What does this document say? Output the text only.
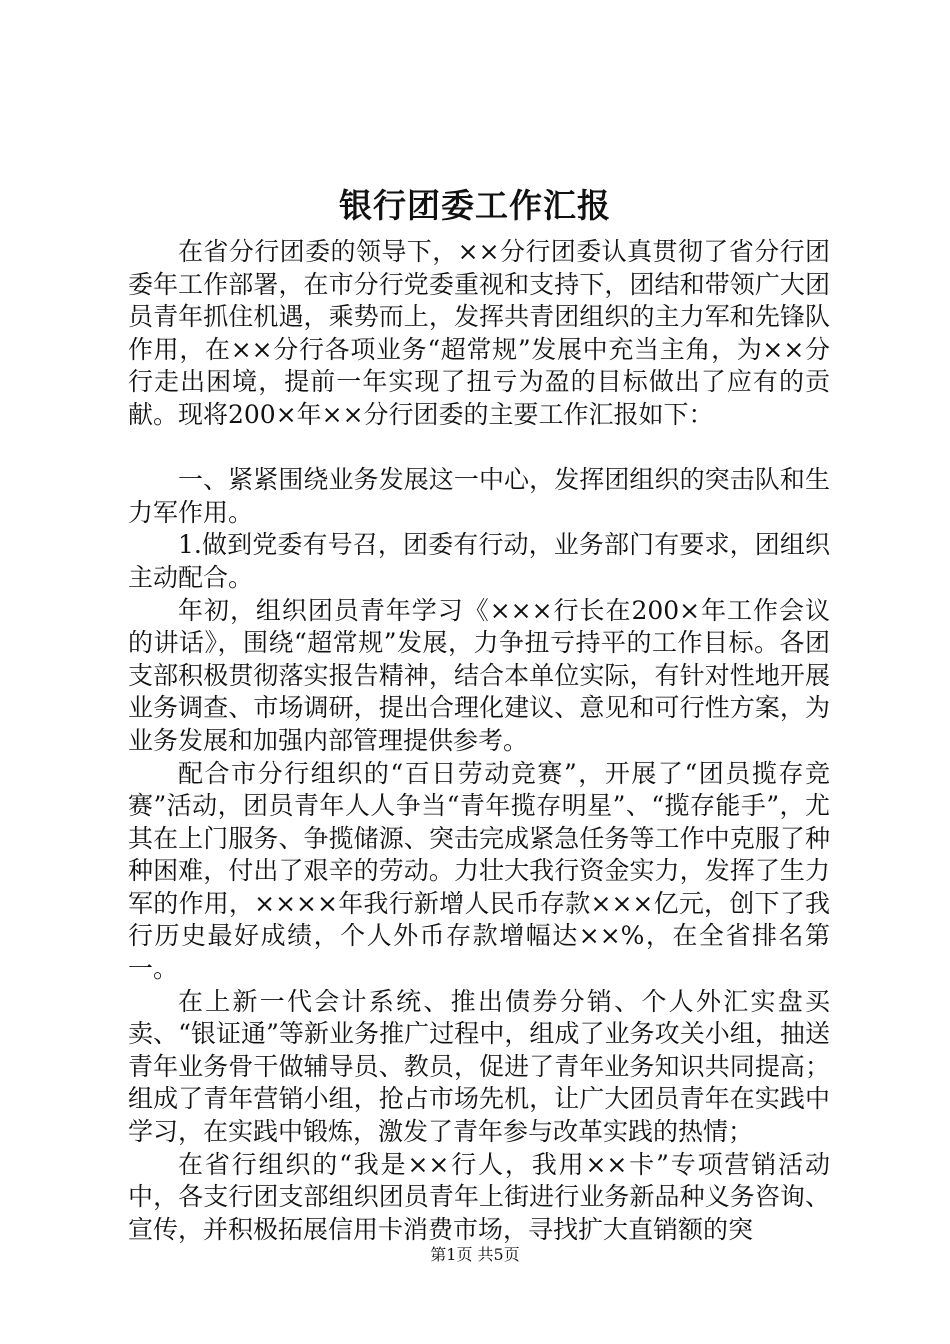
银行团委工作汇报

在省分行团委的领导下，××分行团委认真贯彻了省分行团委年工作部署，在市分行党委重视和支持下，团结和带领广大团员青年抓住机遇，乘势而上，发挥共青团组织的主力军和先锋队作用，在××分行各项业务“超常规”发展中充当主角，为××分行走出困境，提前一年实现了扭亏为盈的目标做出了应有的贡献。现将200×年××分行团委的主要工作汇报如下：

一、紧紧围绕业务发展这一中心，发挥团组织的突击队和生力军作用。

1.做到党委有号召，团委有行动，业务部门有要求，团组织主动配合。

年初，组织团员青年学习《×××行长在200×年工作会议的讲话》，围绕“超常规”发展，力争扭亏持平的工作目标。各团支部积极贯彻落实报告精神，结合本单位实际，有针对性地开展业务调查、市场调研，提出合理化建议、意见和可行性方案，为业务发展和加强内部管理提供参考。

配合市分行组织的“百日劳动竞赛”，开展了“团员揽存竞赛”活动，团员青年人人争当“青年揽存明星”、“揽存能手”，尤其在上门服务、争揽储源、突击完成紧急任务等工作中克服了种种困难，付出了艰辛的劳动。力壮大我行资金实力，发挥了生力军的作用，××××年我行新增人民币存款×××亿元，创下了我行历史最好成绩，个人外币存款增幅达××%，在全省排名第一。

在上新一代会计系统、推出债券分销、个人外汇实盘买卖、“银证通”等新业务推广过程中，组成了业务攻关小组，抽送青年业务骨干做辅导员、教员，促进了青年业务知识共同提高；组成了青年营销小组，抢占市场先机，让广大团员青年在实践中学习，在实践中锻炼，激发了青年参与改革实践的热情；

在省行组织的“我是××行人，我用××卡”专项营销活动中，各支行团支部组织团员青年上街进行业务新品种义务咨询、宣传，并积极拓展信用卡消费市场，寻找扩大直销额的突

第1页 共5页
